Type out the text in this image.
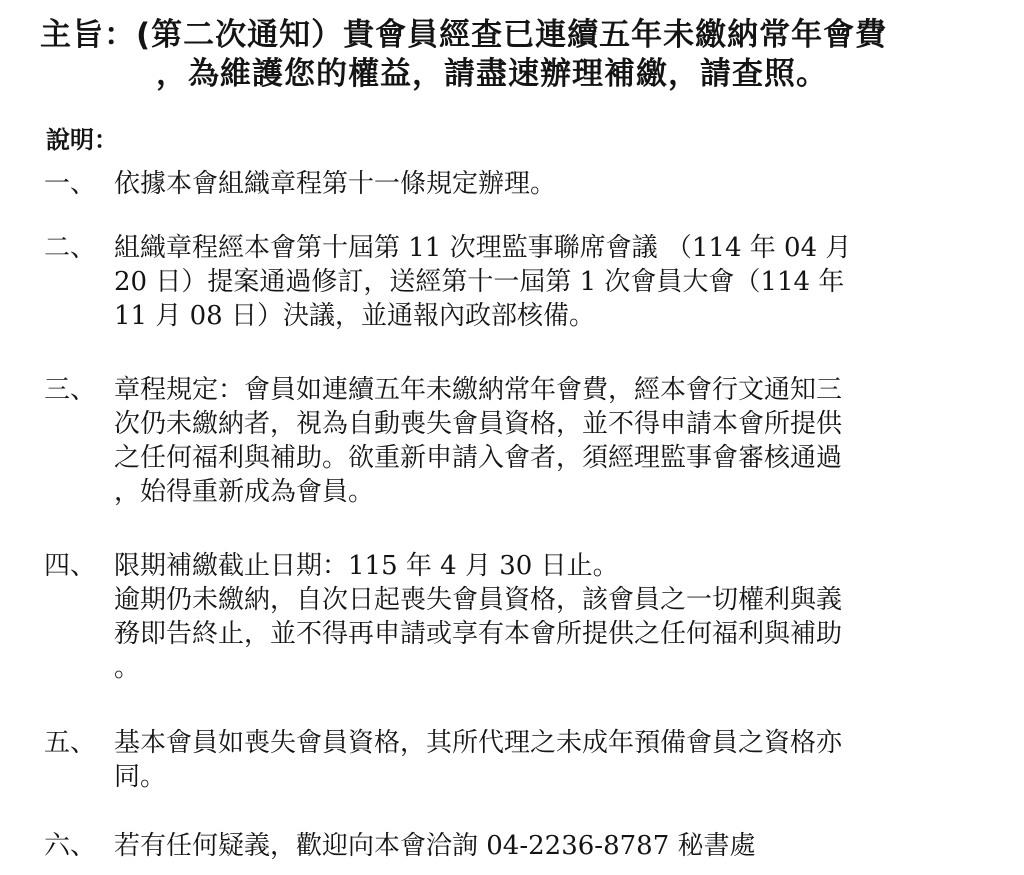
主旨：(第二次通知）貴會員經查已連續五年未繳納常年會費
，為維護您的權益，請盡速辦理補繳，請查照。
說明：
一、 依據本會組織章程第十一條規定辦理。
二、 組織章程經本會第十屆第 11 次理監事聯席會議 （114 年 04 月
20 日）提案通過修訂，送經第十一屆第 1 次會員大會（114 年
11 月 08 日）決議，並通報內政部核備。
三、 章程規定：會員如連續五年未繳納常年會費，經本會行文通知三
次仍未繳納者，視為自動喪失會員資格，並不得申請本會所提供
之任何福利與補助。欲重新申請入會者，須經理監事會審核通過
，始得重新成為會員。
四、 限期補繳截止日期：115 年 4 月 30 日止。
逾期仍未繳納，自次日起喪失會員資格，該會員之一切權利與義
務即告終止，並不得再申請或享有本會所提供之任何福利與補助
。
五、 基本會員如喪失會員資格，其所代理之未成年預備會員之資格亦
同。
六、 若有任何疑義，歡迎向本會洽詢 04-2236-8787 秘書處
